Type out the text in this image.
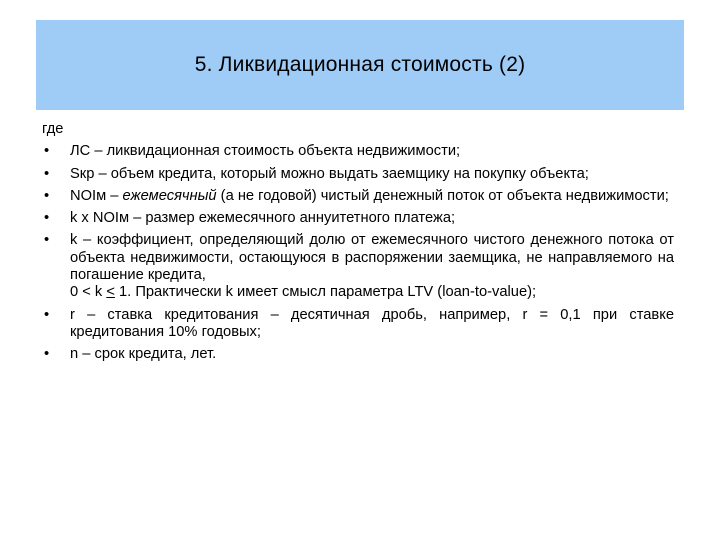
5. Ликвидационная стоимость (2)

где

• ЛС – ликвидационная стоимость объекта недвижимости;
• Sкр – объем кредита, который можно выдать заемщику на покупку объекта;
• NOIм – ежемесячный (а не годовой) чистый денежный поток от объекта недвижимости;
• k x NOIм – размер ежемесячного аннуитетного платежа;
• k – коэффициент, определяющий долю от ежемесячного чистого денежного потока от объекта недвижимости, остающуюся в распоряжении заемщика, не направляемого на погашение кредита,
0 < k < 1. Практически k имеет смысл параметра LTV (loan-to-value);
• r – ставка кредитования – десятичная дробь, например, r = 0,1 при ставке кредитования 10% годовых;
• n – срок кредита, лет.
